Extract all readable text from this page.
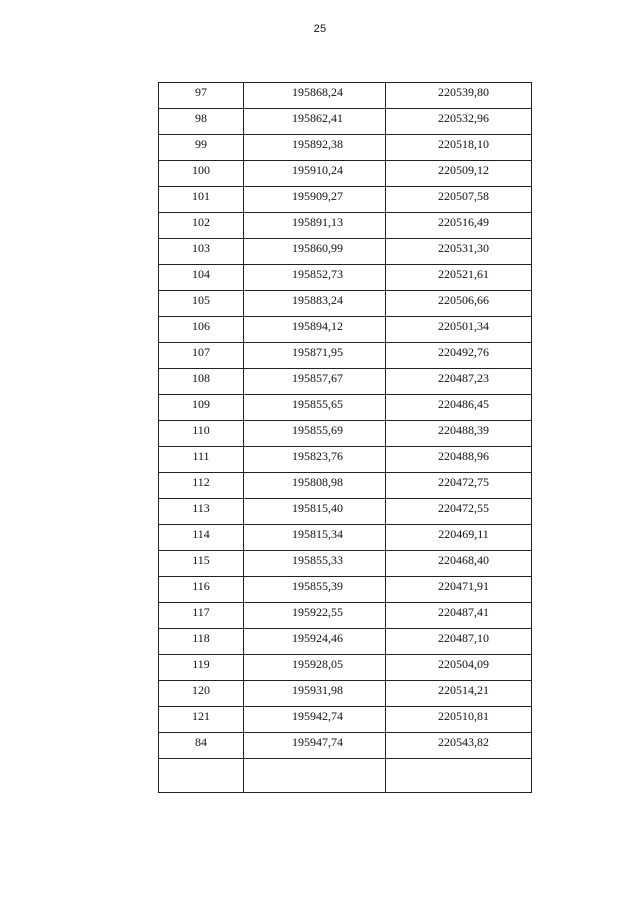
25
97	195868,24	220539,80
98	195862,41	220532,96
99	195892,38	220518,10
100	195910,24	220509,12
101	195909,27	220507,58
102	195891,13	220516,49
103	195860,99	220531,30
104	195852,73	220521,61
105	195883,24	220506,66
106	195894,12	220501,34
107	195871,95	220492,76
108	195857,67	220487,23
109	195855,65	220486,45
110	195855,69	220488,39
111	195823,76	220488,96
112	195808,98	220472,75
113	195815,40	220472,55
114	195815,34	220469,11
115	195855,33	220468,40
116	195855,39	220471,91
117	195922,55	220487,41
118	195924,46	220487,10
119	195928,05	220504,09
120	195931,98	220514,21
121	195942,74	220510,81
84	195947,74	220543,82
